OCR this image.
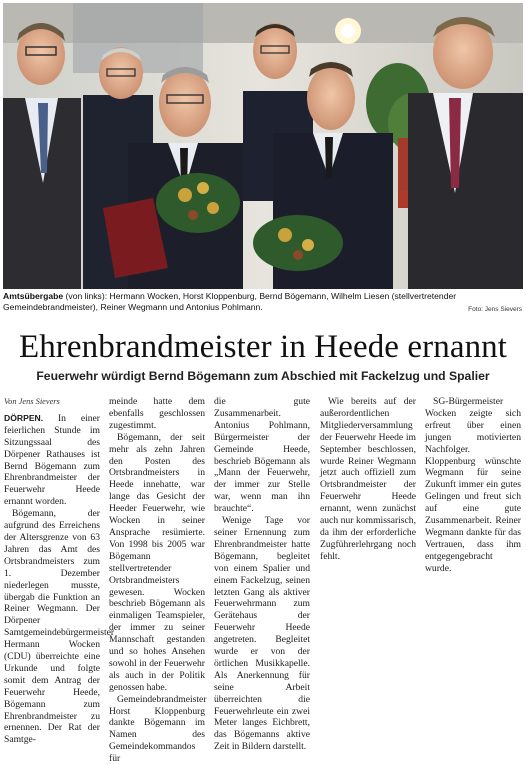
Amtsübergabe (von links): Hermann Wocken, Horst Kloppenburg, Bernd Bögemann, Wilhelm Liesen (stellvertretender Gemeindebrandmeister), Reiner Wegmann und Antonius Pohlmann.	Foto: Jens Sievers
Ehrenbrandmeister in Heede ernannt
Feuerwehr würdigt Bernd Bögemann zum Abschied mit Fackelzug und Spalier
Von Jens Sievers

DÖRPEN. In einer feierlichen Stunde im Sitzungssaal des Dörpener Rathauses ist Bernd Bögemann zum Ehrenbrandmeister der Feuerwehr Heede ernannt worden.

Bögemann, der aufgrund des Erreichens der Altersgrenze von 63 Jahren das Amt des Ortsbrandmeisters zum 1. Dezember niederlegen musste, übergab die Funktion an Reiner Wegmann. Der Dörpener Samtgemeindebürgermeister Hermann Wocken (CDU) überreichte eine Urkunde und folgte somit dem Antrag der Feuerwehr Heede, Bögemann zum Ehrenbrandmeister zu ernennen. Der Rat der Samtge-

meinde hatte dem ebenfalls geschlossen zugestimmt.

Bögemann, der seit mehr als zehn Jahren den Posten des Ortsbrandmeisters in Heede innehatte, war lange das Gesicht der Heeder Feuerwehr, wie Wocken in seiner Ansprache resümierte. Von 1998 bis 2005 war Bögemann stellvertretender Ortsbrandmeisters gewesen. Wocken beschrieb Bögemann als einmaligen Teamspieler, der immer zu seiner Mannschaft gestanden und so hohes Ansehen sowohl in der Feuerwehr als auch in der Politik genossen habe.

Gemeindebrandmeister Horst Kloppenburg dankte Bögemann im Namen des Gemeindekommandos für

die gute Zusammenarbeit. Antonius Pohlmann, Bürgermeister der Gemeinde Heede, beschrieb Bögemann als „Mann der Feuerwehr, der immer zur Stelle war, wenn man ihn brauchte“.

Wenige Tage vor seiner Ernennung zum Ehrenbrandmeister hatte Bögemann, begleitet von einem Spalier und einem Fackelzug, seinen letzten Gang als aktiver Feuerwehrmann zum Gerätehaus der Feuerwehr Heede angetreten. Begleitet wurde er von der örtlichen Musikkapelle. Als Anerkennung für seine Arbeit überreichten die Feuerwehrleute ein zwei Meter langes Eichbrett, das Bögemanns aktive Zeit in Bildern darstellt.

Wie bereits auf der außerordentlichen Mitgliederversammlung der Feuerwehr Heede im September beschlossen, wurde Reiner Wegmann jetzt auch offiziell zum Ortsbrandmeister der Feuerwehr Heede ernannt, wenn zunächst auch nur kommissarisch, da ihm der erforderliche Zugführerlehrgang noch fehlt.

SG-Bürgermeister Wocken zeigte sich erfreut über einen jungen motivierten Nachfolger. Kloppenburg wünschte Wegmann für seine Zukunft immer ein gutes Gelingen und freut sich auf eine gute Zusammenarbeit. Reiner Wegmann dankte für das Vertrauen, dass ihm entgegengebracht wurde.
